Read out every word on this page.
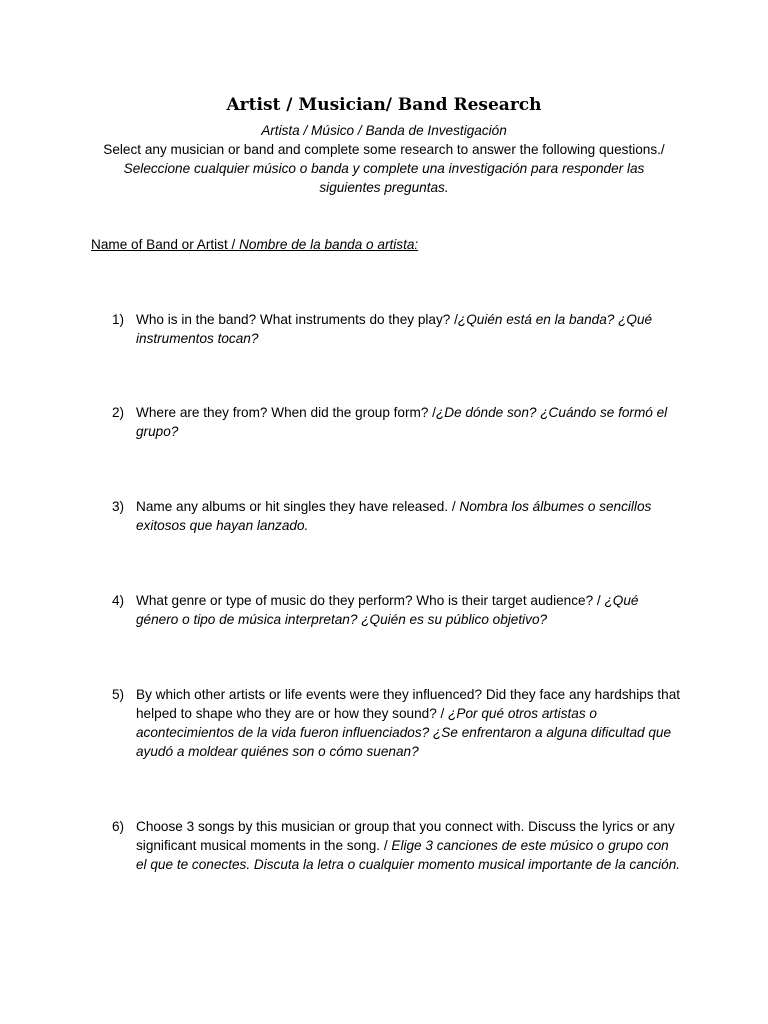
Artist / Musician/ Band Research

Artista / Músico / Banda de Investigación

Select any musician or band and complete some research to answer the following questions./

Seleccione cualquier músico o banda y complete una investigación para responder las siguientes preguntas.

Name of Band or Artist / Nombre de la banda o artista:

1) Who is in the band? What instruments do they play? /¿Quién está en la banda? ¿Qué instrumentos tocan?
2) Where are they from? When did the group form? /¿De dónde son? ¿Cuándo se formó el grupo?
3) Name any albums or hit singles they have released. / Nombra los álbumes o sencillos exitosos que hayan lanzado.
4) What genre or type of music do they perform? Who is their target audience? / ¿Qué género o tipo de música interpretan? ¿Quién es su público objetivo?
5) By which other artists or life events were they influenced? Did they face any hardships that helped to shape who they are or how they sound? / ¿Por qué otros artistas o acontecimientos de la vida fueron influenciados? ¿Se enfrentaron a alguna dificultad que ayudó a moldear quiénes son o cómo suenan?
6) Choose 3 songs by this musician or group that you connect with. Discuss the lyrics or any significant musical moments in the song. / Elige 3 canciones de este músico o grupo con el que te conectes. Discuta la letra o cualquier momento musical importante de la canción.
